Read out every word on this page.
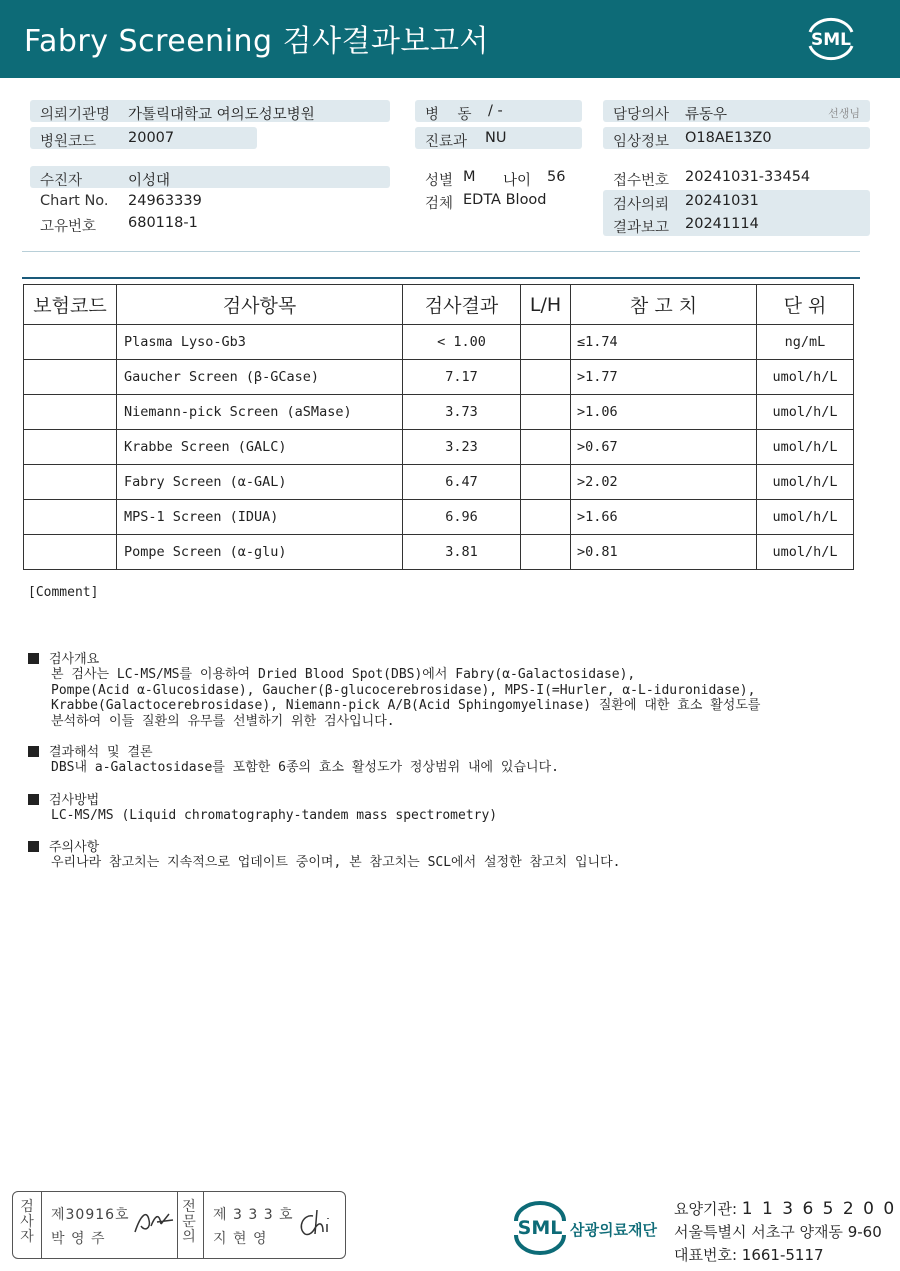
Fabry Screening 검사결과보고서	SML
의뢰기관명 가톨릭대학교 여의도성모병원
병원코드 20007
병    동 / -
진료과 NU
담당의사 류동우	선생님
임상정보 O18AE13Z0
수진자	이성대
Chart No. 24963339
고유번호 680118-1
성별 M 나이 56
검체 EDTA Blood
접수번호 20241031-33454
검사의뢰 20241031
결과보고 20241114
보험코드	검사항목	검사결과	L/H	참 고 치	단 위
	Plasma Lyso-Gb3	< 1.00		≤1.74	ng/mL
	Gaucher Screen (β-GCase)	7.17		>1.77	umol/h/L
	Niemann-pick Screen (aSMase)	3.73		>1.06	umol/h/L
	Krabbe Screen (GALC)	3.23		>0.67	umol/h/L
	Fabry Screen (α-GAL)	6.47		>2.02	umol/h/L
	MPS-1 Screen (IDUA)	6.96		>1.66	umol/h/L
	Pompe Screen (α-glu)	3.81		>0.81	umol/h/L
[Comment]
검사개요
본 검사는 LC-MS/MS를 이용하여 Dried Blood Spot(DBS)에서 Fabry(α-Galactosidase),
Pompe(Acid α-Glucosidase), Gaucher(β-glucocerebrosidase), MPS-I(=Hurler, α-L-iduronidase),
Krabbe(Galactocerebrosidase), Niemann-pick A/B(Acid Sphingomyelinase) 질환에 대한 효소 활성도를
분석하여 이들 질환의 유무를 선별하기 위한 검사입니다.
결과해석 및 결론
DBS내 a-Galactosidase를 포함한 6종의 효소 활성도가 정상범위 내에 있습니다.
검사방법
LC-MS/MS (Liquid chromatography-tandem mass spectrometry)
주의사항
우리나라 참고치는 지속적으로 업데이트 중이며, 본 참고치는 SCL에서 설정한 참고치 입니다.
검
사
자
제30916호
박 영 주
전
문
의
제 3 3 3 호
지 현 영	SML 삼광의료재단
요양기관: 1 1 3 6 5 2 0 0
서울특별시 서초구 양재동 9-60
대표번호: 1661-5117
